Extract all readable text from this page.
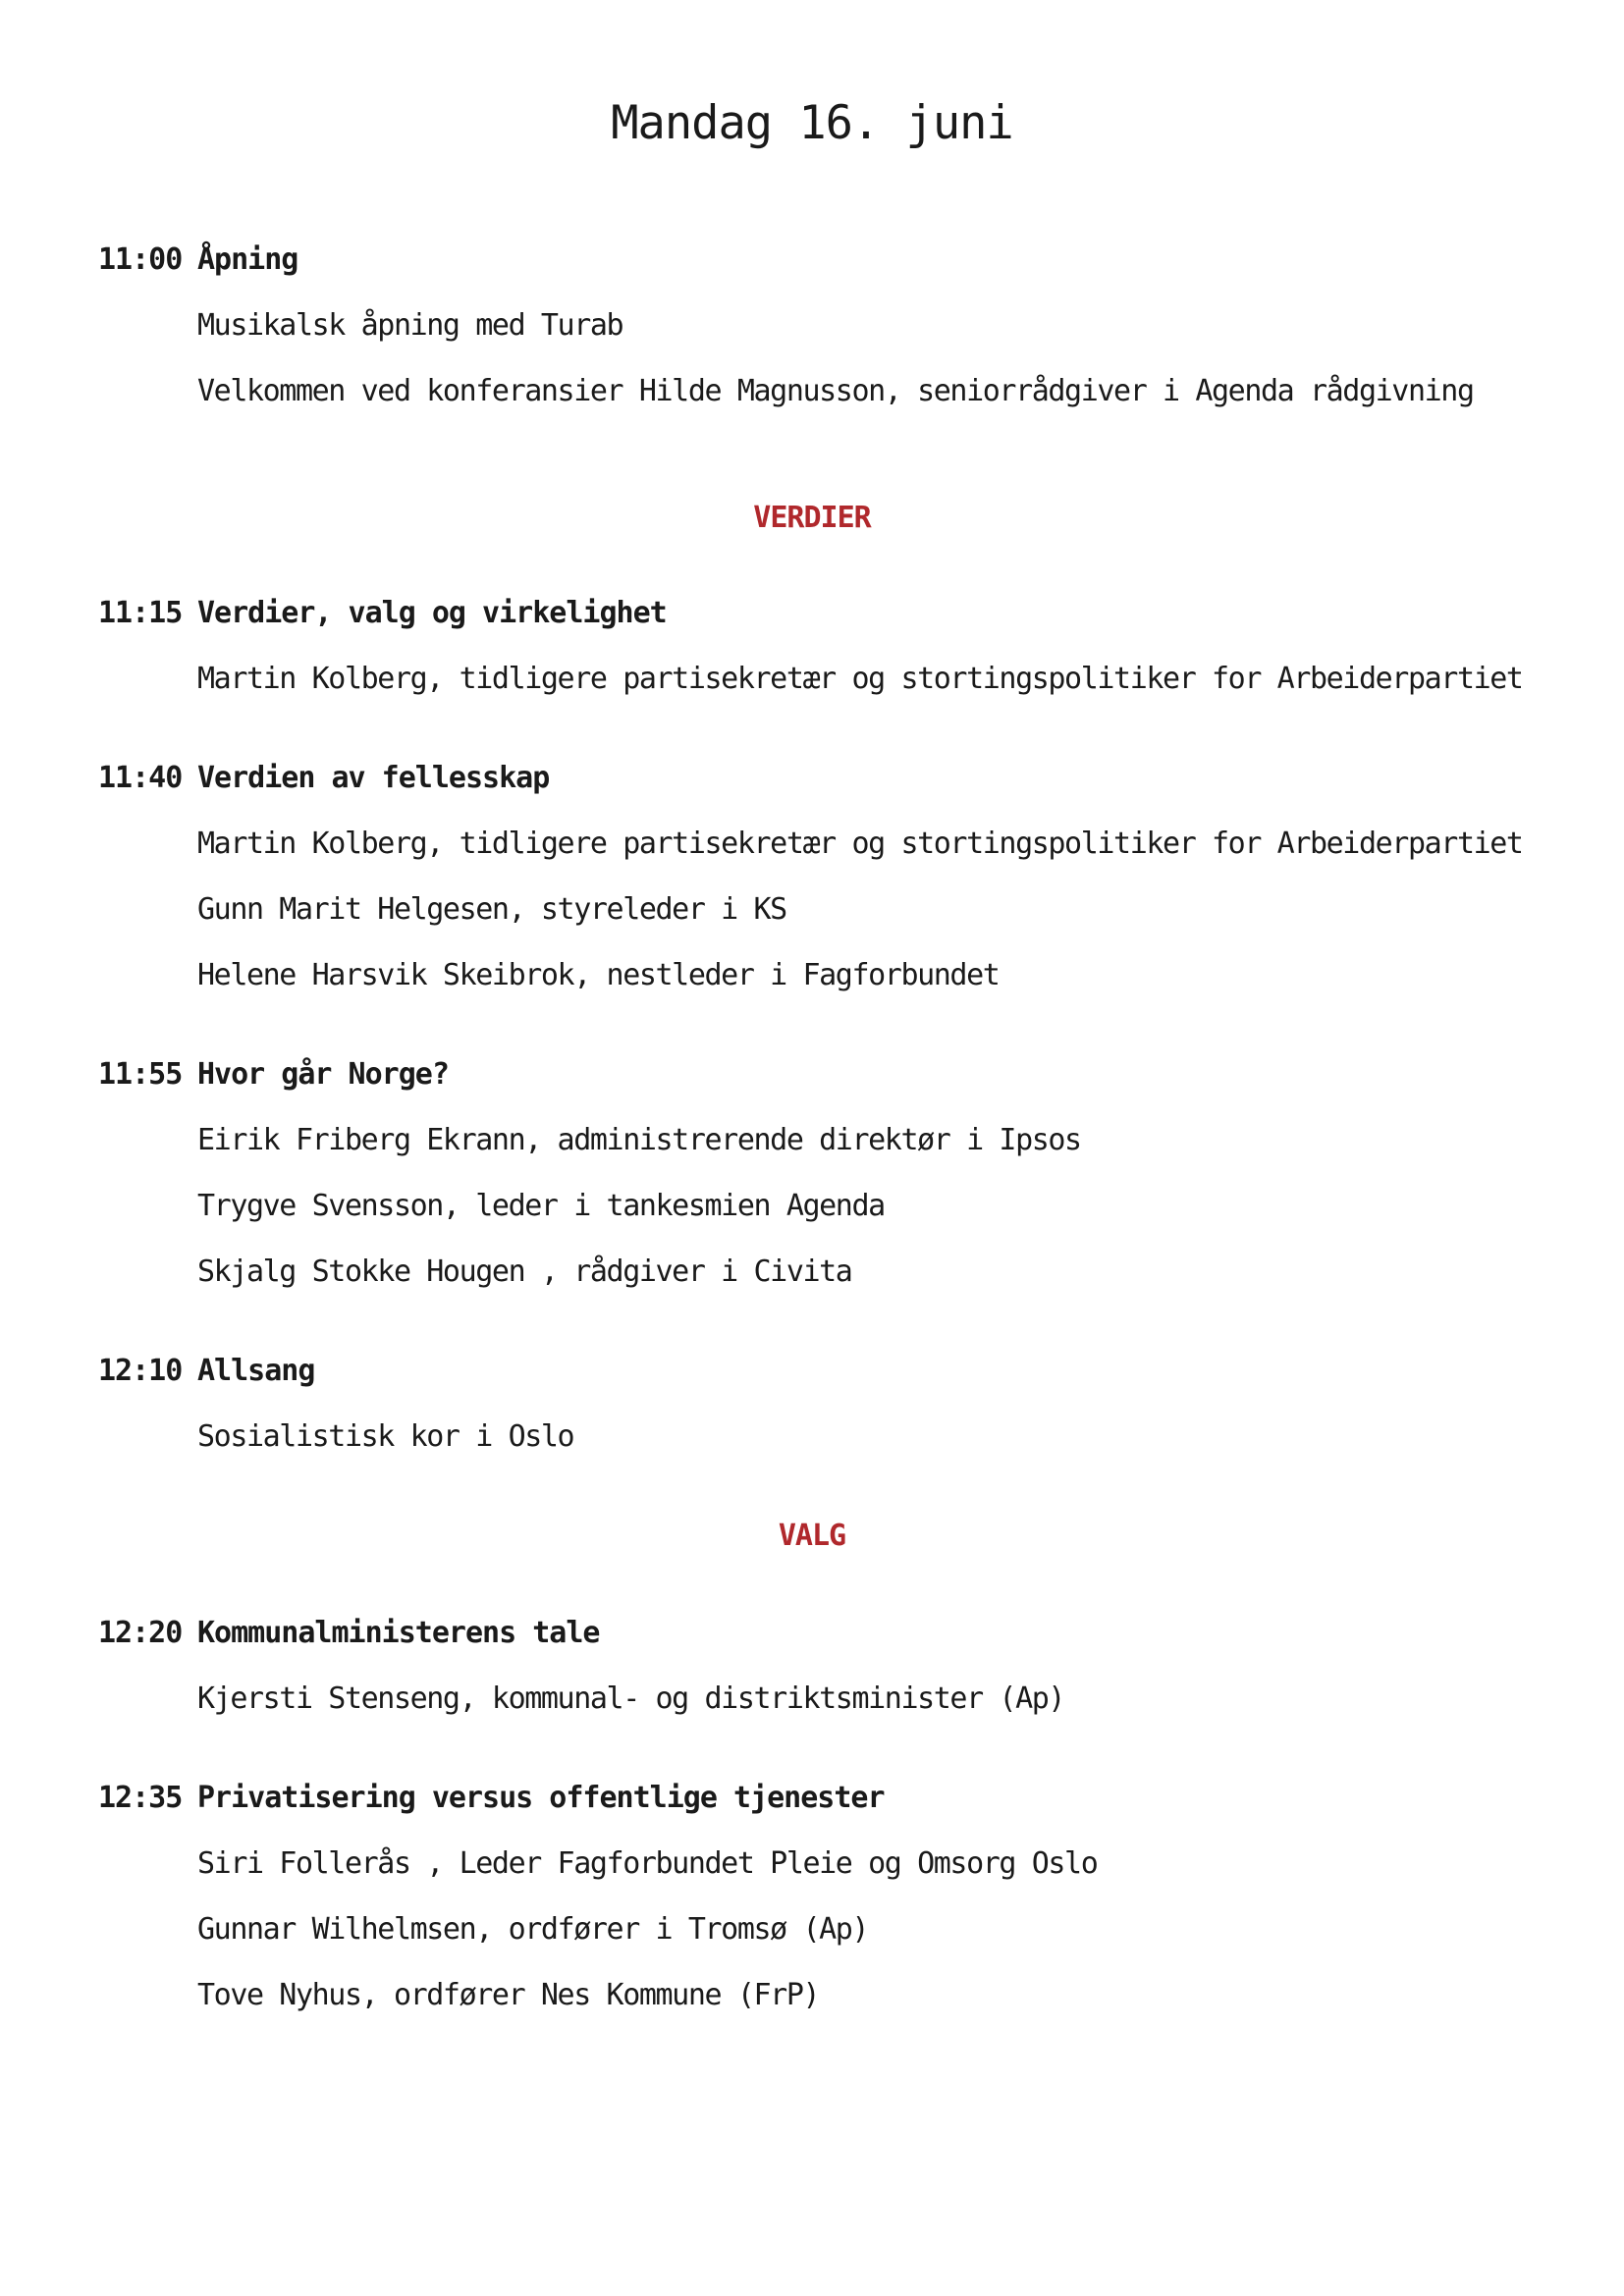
Mandag 16. juni
11:00 Åpning
Musikalsk åpning med Turab
Velkommen ved konferansier Hilde Magnusson, seniorrådgiver i Agenda rådgivning
VERDIER
11:15 Verdier, valg og virkelighet
Martin Kolberg, tidligere partisekretær og stortingspolitiker for Arbeiderpartiet
11:40 Verdien av fellesskap
Martin Kolberg, tidligere partisekretær og stortingspolitiker for Arbeiderpartiet
Gunn Marit Helgesen, styreleder i KS
Helene Harsvik Skeibrok, nestleder i Fagforbundet
11:55 Hvor går Norge?
Eirik Friberg Ekrann, administrerende direktør i Ipsos
Trygve Svensson, leder i tankesmien Agenda
Skjalg Stokke Hougen , rådgiver i Civita
12:10 Allsang
Sosialistisk kor i Oslo
VALG
12:20 Kommunalministerens tale
Kjersti Stenseng, kommunal- og distriktsminister (Ap)
12:35 Privatisering versus offentlige tjenester
Siri Follerås , Leder Fagforbundet Pleie og Omsorg Oslo
Gunnar Wilhelmsen, ordfører i Tromsø (Ap)
Tove Nyhus, ordfører Nes Kommune (FrP)
